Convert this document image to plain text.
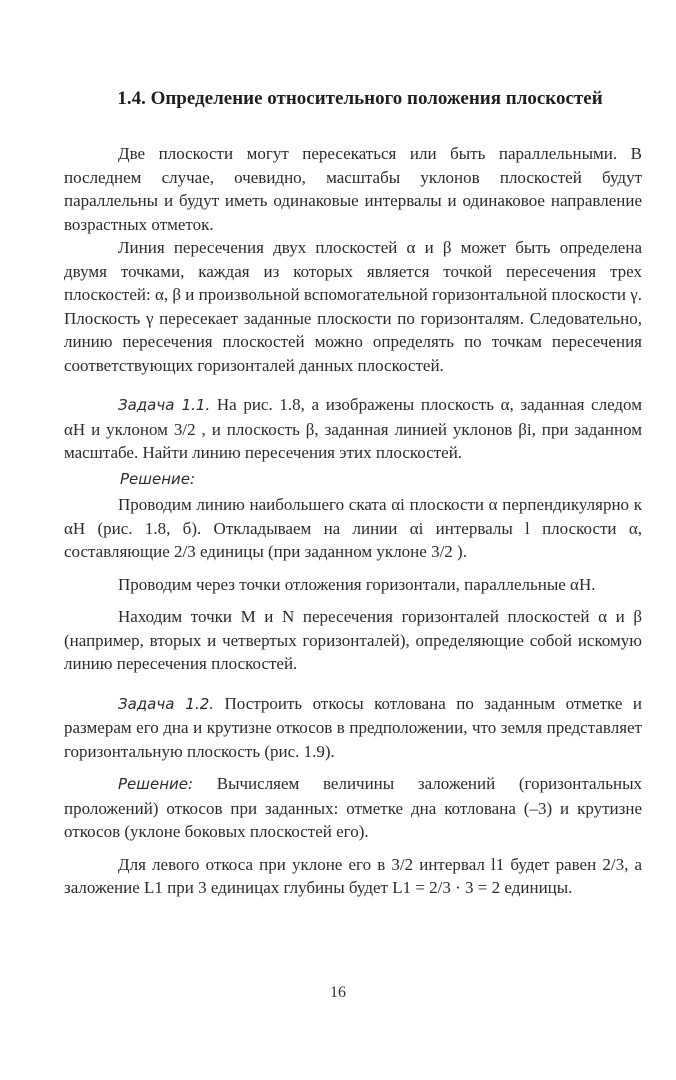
1.4. Определение относительного положения плоскостей

Две плоскости могут пересекаться или быть параллельными. В последнем случае, очевидно, масштабы уклонов плоскостей будут параллельны и будут иметь одинаковые интервалы и одинаковое направление возрастных отметок.

Линия пересечения двух плоскостей α и β может быть определена двумя точками, каждая из которых является точкой пересечения трех плоскостей: α, β и произвольной вспомогательной горизонтальной плоскости γ. Плоскость γ пересекает заданные плоскости по горизонталям. Следовательно, линию пересечения плоскостей можно определять по точкам пересечения соответствующих горизонталей данных плоскостей.

Задача 1.1. На рис. 1.8, а изображены плоскость α, заданная следом αH и уклоном 3/2 , и плоскость β, заданная линией уклонов βi, при заданном масштабе. Найти линию пересечения этих плоскостей.

Решение:

Проводим линию наибольшего ската αi плоскости α перпендикулярно к αH (рис. 1.8, б). Откладываем на линии αi интервалы l плоскости α, составляющие 2/3 единицы (при заданном уклоне 3/2 ).

Проводим через точки отложения горизонтали, параллельные αH.

Находим точки M и N пересечения горизонталей плоскостей α и β (например, вторых и четвертых горизонталей), определяющие собой искомую линию пересечения плоскостей.

Задача 1.2. Построить откосы котлована по заданным отметке и размерам его дна и крутизне откосов в предположении, что земля представляет горизонтальную плоскость (рис. 1.9).

Решение: Вычисляем величины заложений (горизонтальных проложений) откосов при заданных: отметке дна котлована (–3) и крутизне откосов (уклоне боковых плоскостей его).

Для левого откоса при уклоне его в 3/2 интервал l1 будет равен 2/3, а заложение L1 при 3 единицах глубины будет L1 = 2/3 · 3 = 2 единицы.

16
